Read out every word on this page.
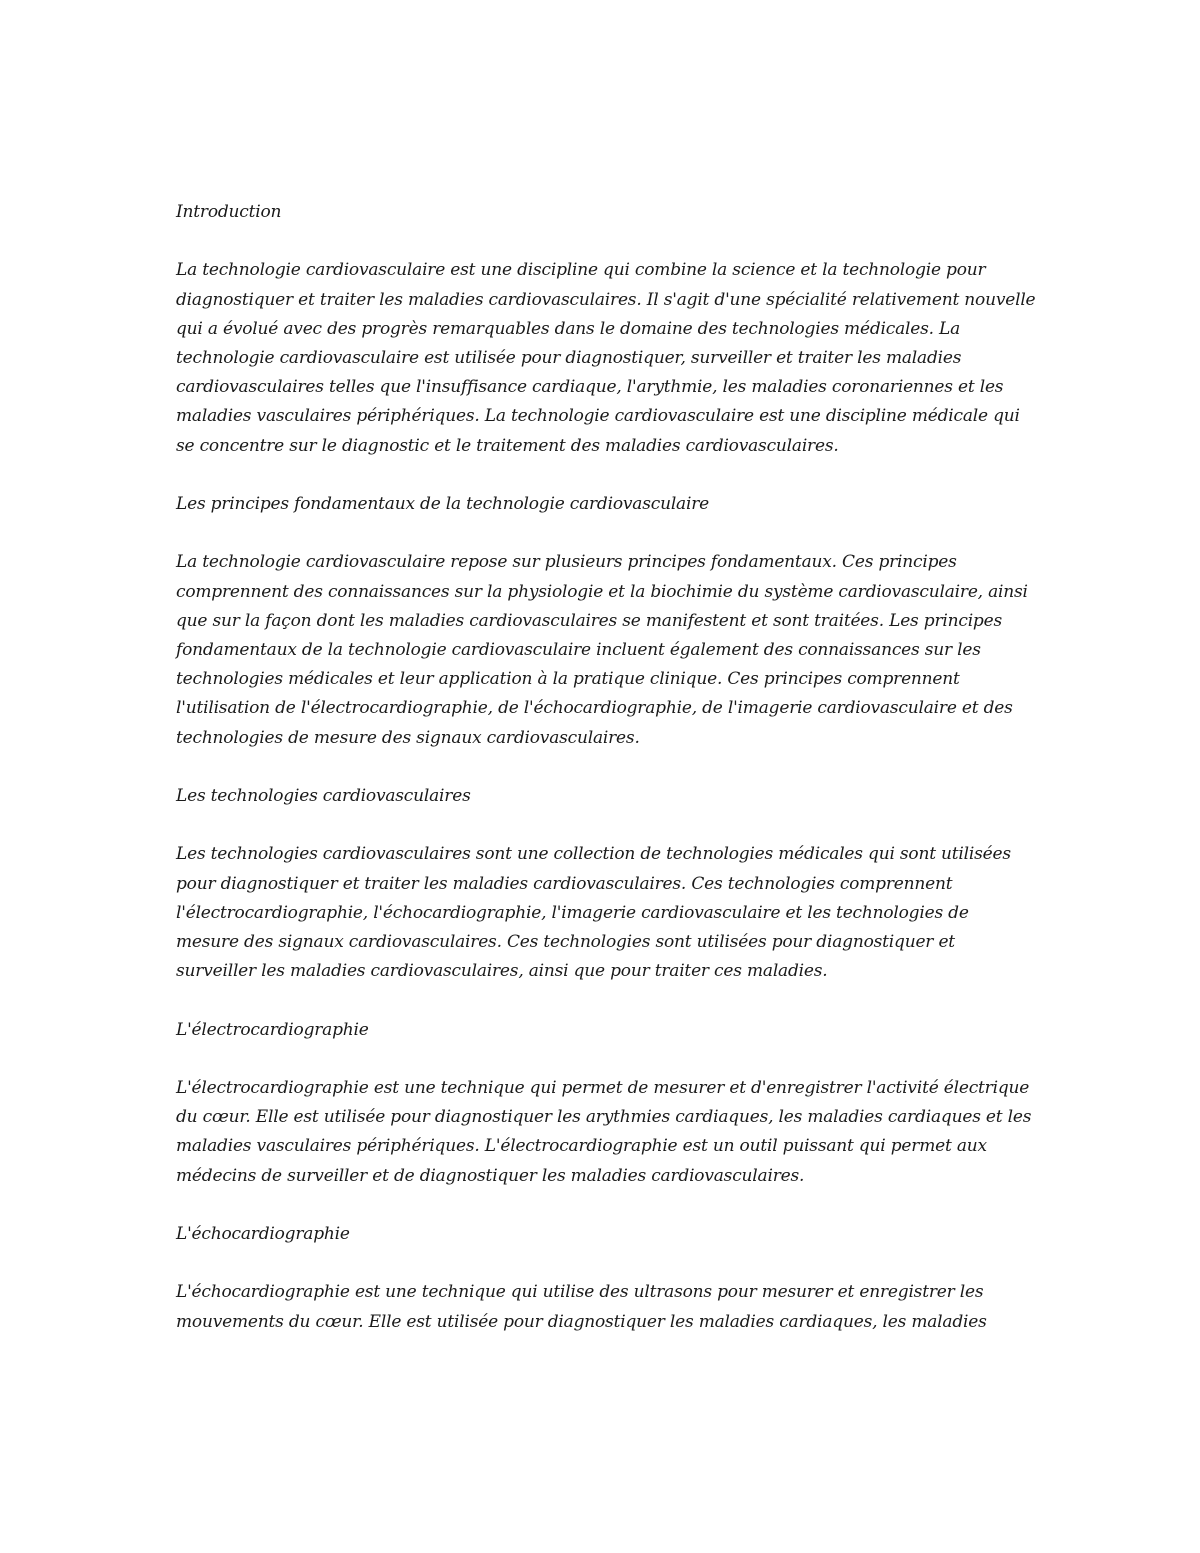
Introduction

La technologie cardiovasculaire est une discipline qui combine la science et la technologie pour diagnostiquer et traiter les maladies cardiovasculaires. Il s'agit d'une spécialité relativement nouvelle qui a évolué avec des progrès remarquables dans le domaine des technologies médicales. La technologie cardiovasculaire est utilisée pour diagnostiquer, surveiller et traiter les maladies cardiovasculaires telles que l'insuffisance cardiaque, l'arythmie, les maladies coronariennes et les maladies vasculaires périphériques. La technologie cardiovasculaire est une discipline médicale qui se concentre sur le diagnostic et le traitement des maladies cardiovasculaires.

Les principes fondamentaux de la technologie cardiovasculaire

La technologie cardiovasculaire repose sur plusieurs principes fondamentaux. Ces principes comprennent des connaissances sur la physiologie et la biochimie du système cardiovasculaire, ainsi que sur la façon dont les maladies cardiovasculaires se manifestent et sont traitées. Les principes fondamentaux de la technologie cardiovasculaire incluent également des connaissances sur les technologies médicales et leur application à la pratique clinique. Ces principes comprennent l'utilisation de l'électrocardiographie, de l'échocardiographie, de l'imagerie cardiovasculaire et des technologies de mesure des signaux cardiovasculaires.

Les technologies cardiovasculaires

Les technologies cardiovasculaires sont une collection de technologies médicales qui sont utilisées pour diagnostiquer et traiter les maladies cardiovasculaires. Ces technologies comprennent l'électrocardiographie, l'échocardiographie, l'imagerie cardiovasculaire et les technologies de mesure des signaux cardiovasculaires. Ces technologies sont utilisées pour diagnostiquer et surveiller les maladies cardiovasculaires, ainsi que pour traiter ces maladies.

L'électrocardiographie

L'électrocardiographie est une technique qui permet de mesurer et d'enregistrer l'activité électrique du cœur. Elle est utilisée pour diagnostiquer les arythmies cardiaques, les maladies cardiaques et les maladies vasculaires périphériques. L'électrocardiographie est un outil puissant qui permet aux médecins de surveiller et de diagnostiquer les maladies cardiovasculaires.

L'échocardiographie

L'échocardiographie est une technique qui utilise des ultrasons pour mesurer et enregistrer les mouvements du cœur. Elle est utilisée pour diagnostiquer les maladies cardiaques, les maladies
